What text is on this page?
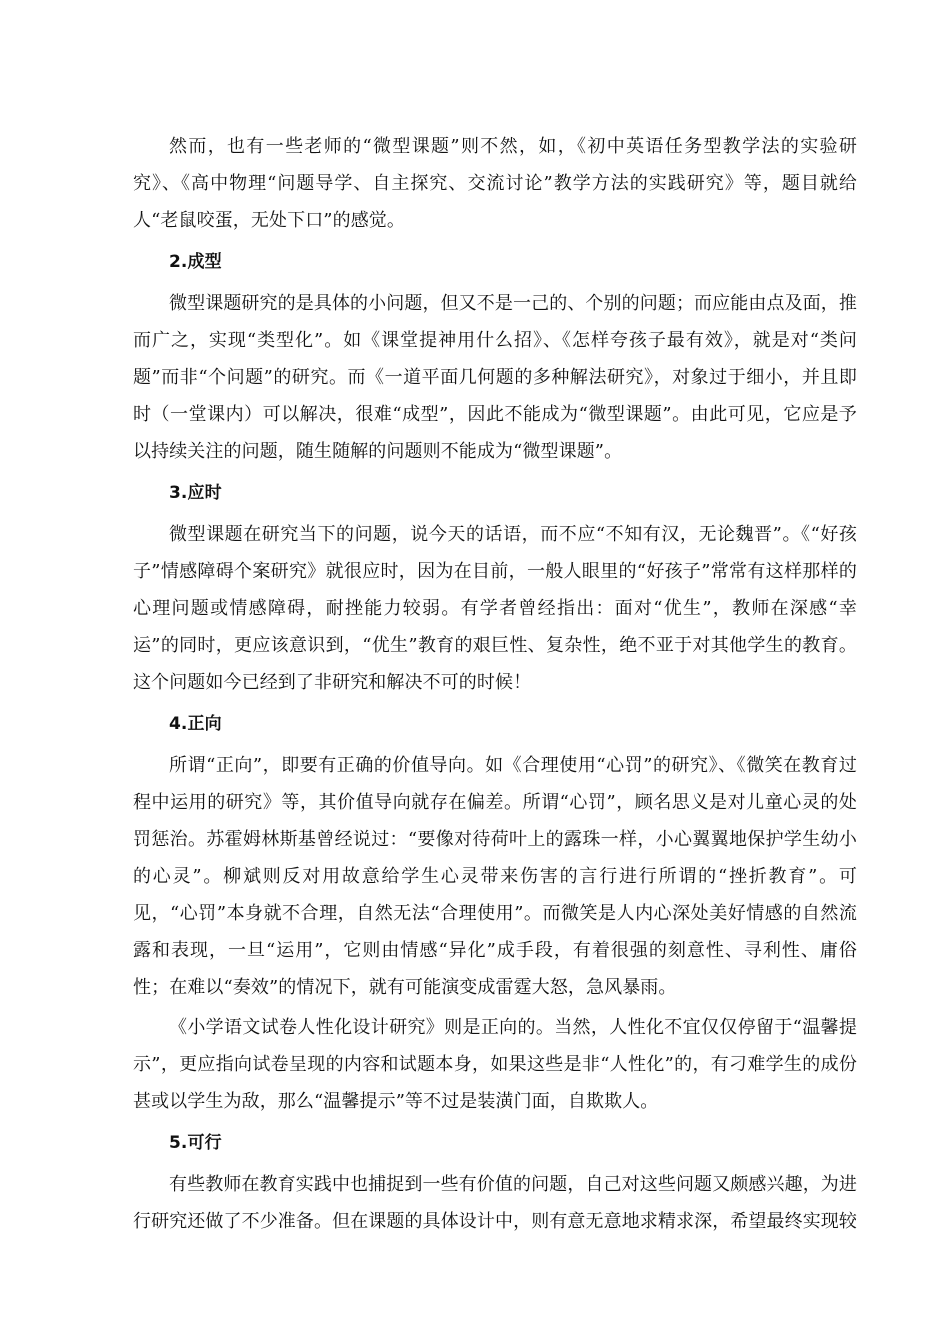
然而，也有一些老师的“微型课题”则不然，如，《初中英语任务型教学法的实验研究》、《高中物理“问题导学、自主探究、交流讨论”教学方法的实践研究》等，题目就给人“老鼠咬蛋，无处下口”的感觉。

2.成型

微型课题研究的是具体的小问题，但又不是一己的、个别的问题；而应能由点及面，推而广之，实现“类型化”。如《课堂提神用什么招》、《怎样夸孩子最有效》，就是对“类问题”而非“个问题”的研究。而《一道平面几何题的多种解法研究》，对象过于细小，并且即时（一堂课内）可以解决，很难“成型”，因此不能成为“微型课题”。由此可见，它应是予以持续关注的问题，随生随解的问题则不能成为“微型课题”。

3.应时

微型课题在研究当下的问题，说今天的话语，而不应“不知有汉，无论魏晋”。《“好孩子”情感障碍个案研究》就很应时，因为在目前，一般人眼里的“好孩子”常常有这样那样的心理问题或情感障碍，耐挫能力较弱。有学者曾经指出：面对“优生”，教师在深感“幸运”的同时，更应该意识到，“优生”教育的艰巨性、复杂性，绝不亚于对其他学生的教育。这个问题如今已经到了非研究和解决不可的时候！

4.正向

所谓“正向”，即要有正确的价值导向。如《合理使用“心罚”的研究》、《微笑在教育过程中运用的研究》等，其价值导向就存在偏差。所谓“心罚”，顾名思义是对儿童心灵的处罚惩治。苏霍姆林斯基曾经说过：“要像对待荷叶上的露珠一样，小心翼翼地保护学生幼小的心灵”。柳斌则反对用故意给学生心灵带来伤害的言行进行所谓的“挫折教育”。可见，“心罚”本身就不合理，自然无法“合理使用”。而微笑是人内心深处美好情感的自然流露和表现，一旦“运用”，它则由情感“异化”成手段，有着很强的刻意性、寻利性、庸俗性；在难以“奏效”的情况下，就有可能演变成雷霆大怒，急风暴雨。

《小学语文试卷人性化设计研究》则是正向的。当然，人性化不宜仅仅停留于“温馨提示”，更应指向试卷呈现的内容和试题本身，如果这些是非“人性化”的，有刁难学生的成份甚或以学生为敌，那么“温馨提示”等不过是装潢门面，自欺欺人。

5.可行

有些教师在教育实践中也捕捉到一些有价值的问题，自己对这些问题又颇感兴趣，为进行研究还做了不少准备。但在课题的具体设计中，则有意无意地求精求深，希望最终实现较
